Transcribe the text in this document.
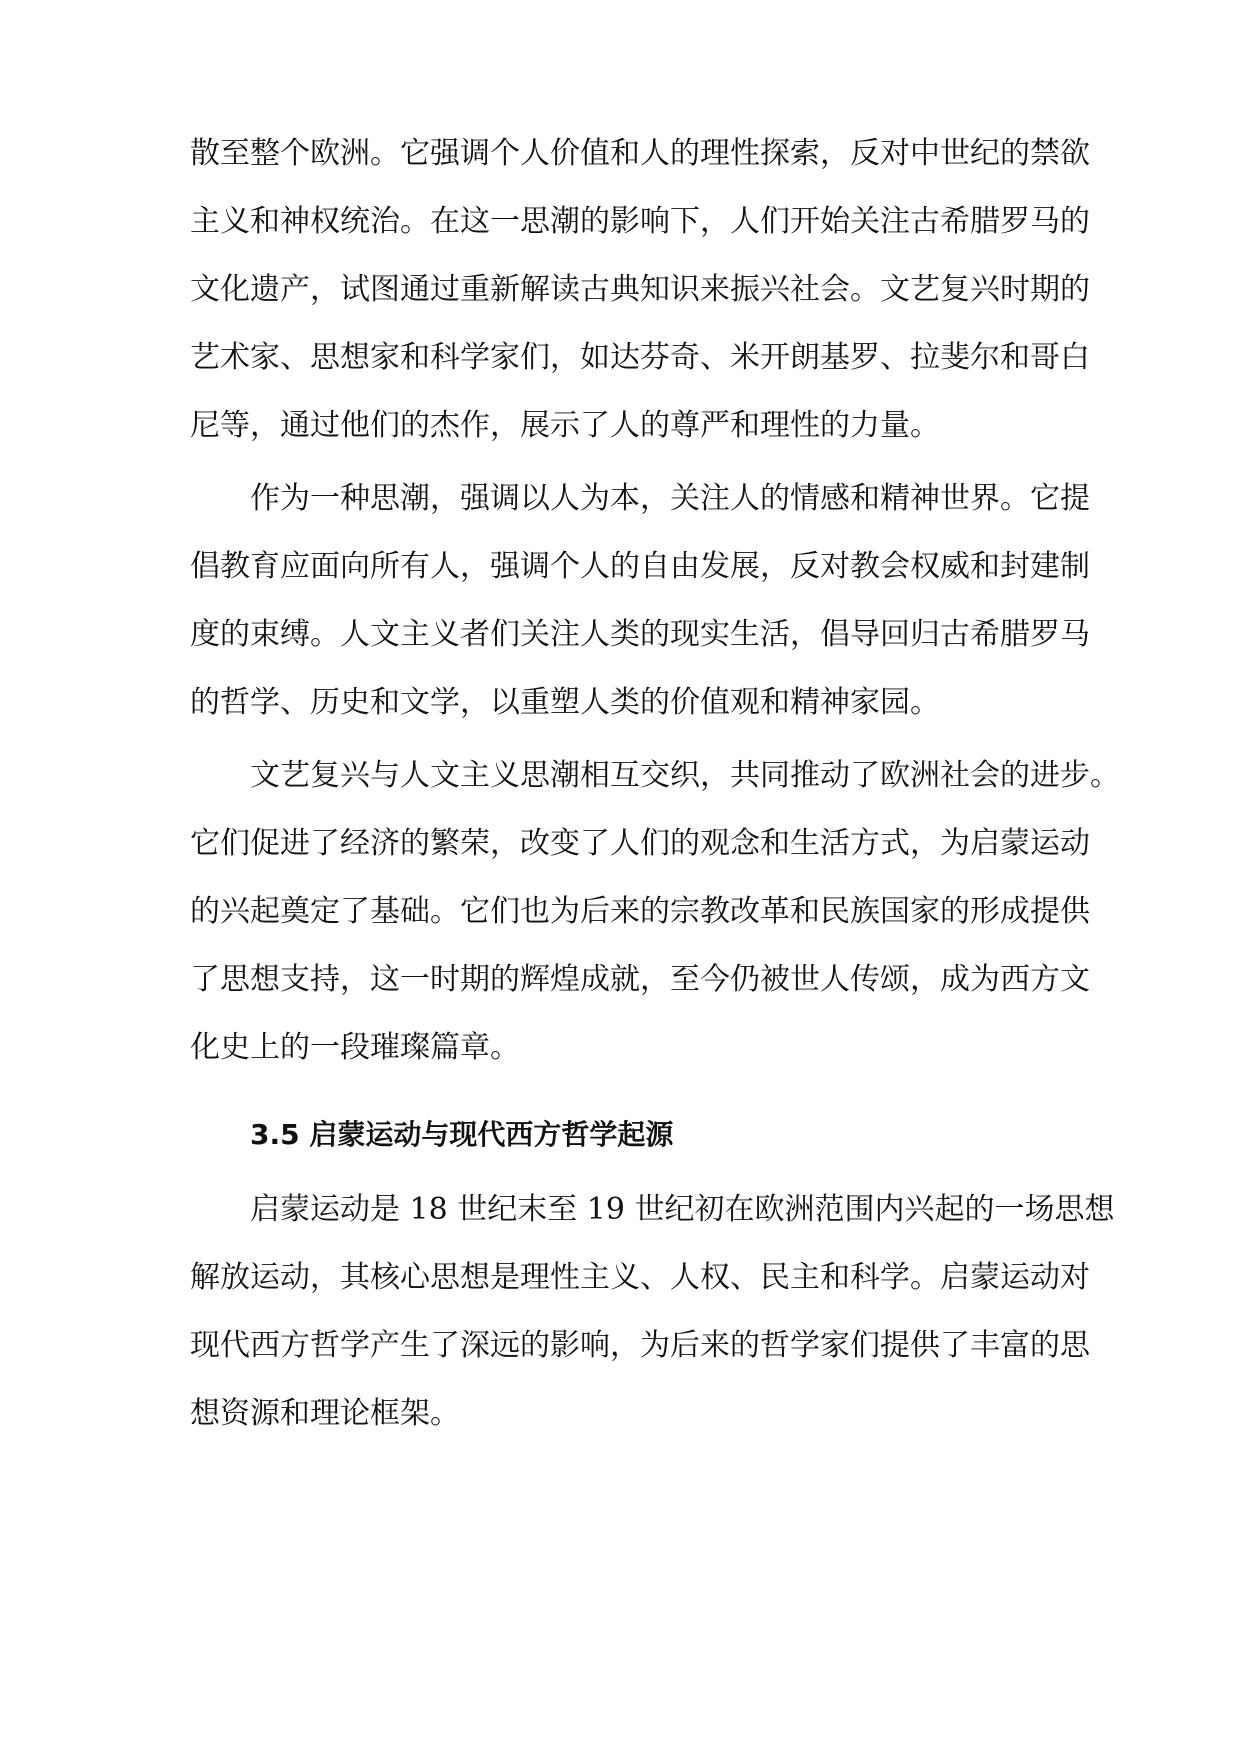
散至整个欧洲。它强调个人价值和人的理性探索，反对中世纪的禁欲
主义和神权统治。在这一思潮的影响下，人们开始关注古希腊罗马的
文化遗产，试图通过重新解读古典知识来振兴社会。文艺复兴时期的
艺术家、思想家和科学家们，如达芬奇、米开朗基罗、拉斐尔和哥白
尼等，通过他们的杰作，展示了人的尊严和理性的力量。
作为一种思潮，强调以人为本，关注人的情感和精神世界。它提
倡教育应面向所有人，强调个人的自由发展，反对教会权威和封建制
度的束缚。人文主义者们关注人类的现实生活，倡导回归古希腊罗马
的哲学、历史和文学，以重塑人类的价值观和精神家园。
文艺复兴与人文主义思潮相互交织，共同推动了欧洲社会的进步。
它们促进了经济的繁荣，改变了人们的观念和生活方式，为启蒙运动
的兴起奠定了基础。它们也为后来的宗教改革和民族国家的形成提供
了思想支持，这一时期的辉煌成就，至今仍被世人传颂，成为西方文
化史上的一段璀璨篇章。
3.5 启蒙运动与现代西方哲学起源
启蒙运动是 18 世纪末至 19 世纪初在欧洲范围内兴起的一场思想
解放运动，其核心思想是理性主义、人权、民主和科学。启蒙运动对
现代西方哲学产生了深远的影响，为后来的哲学家们提供了丰富的思
想资源和理论框架。
